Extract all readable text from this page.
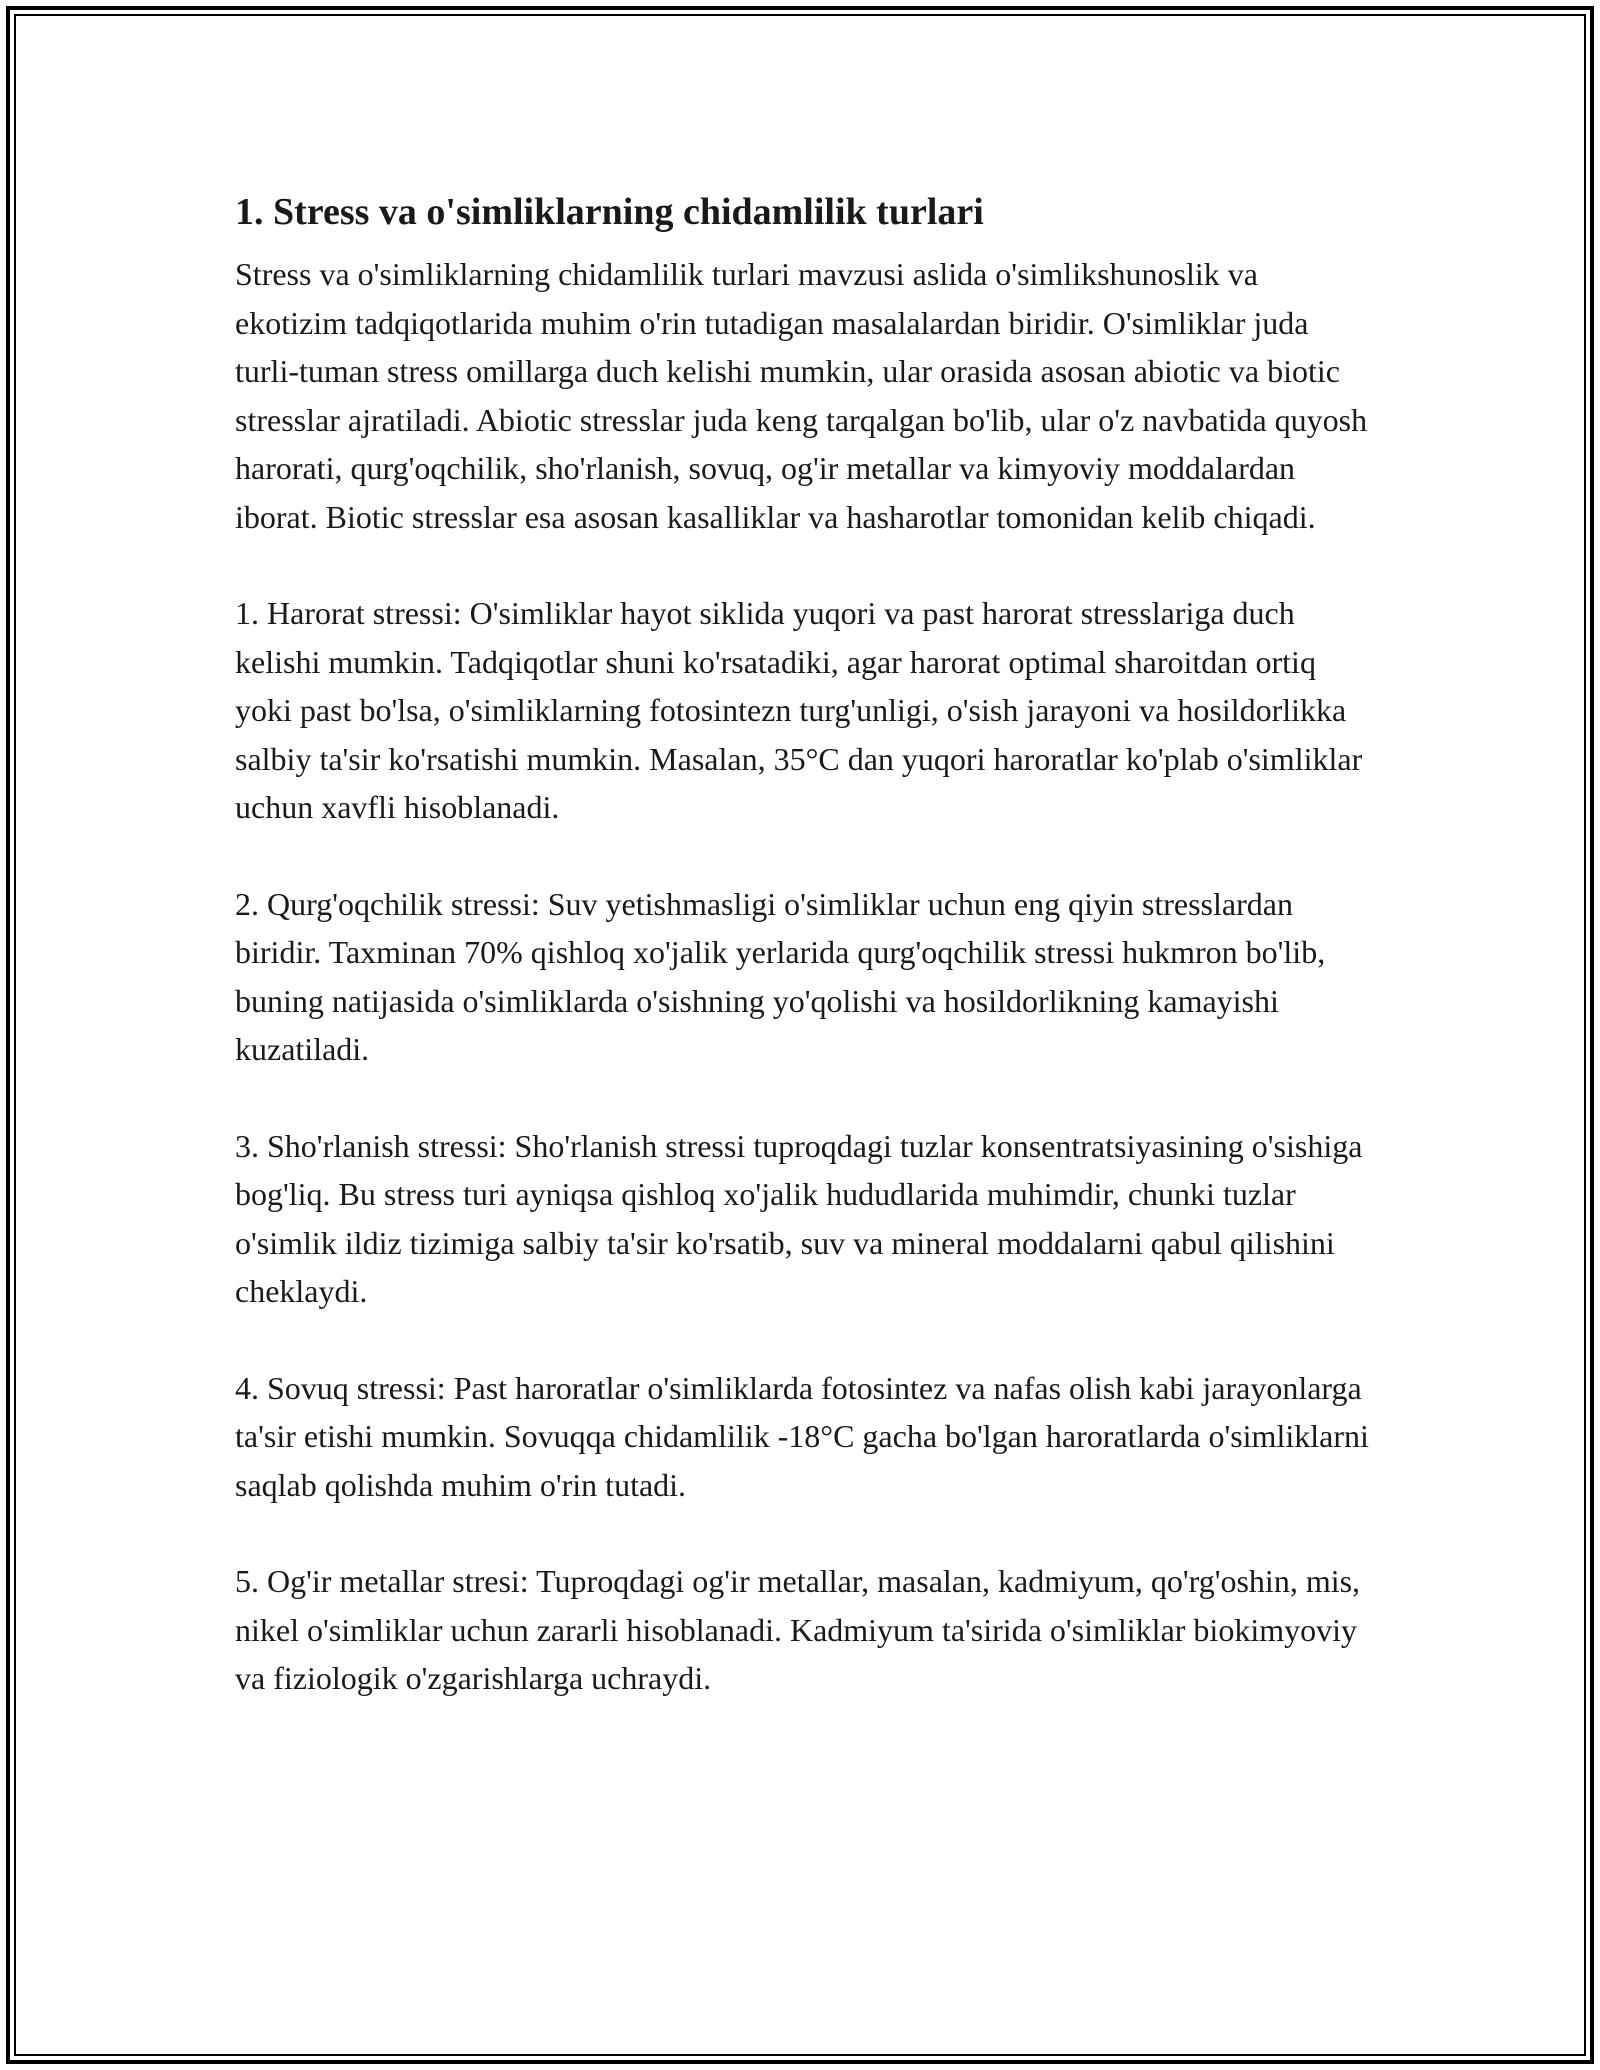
1. Stress va o'simliklarning chidamlilik turlari

Stress va o'simliklarning chidamlilik turlari mavzusi aslida o'simlikshunoslik va ekotizim tadqiqotlarida muhim o'rin tutadigan masalalardan biridir. O'simliklar juda turli-tuman stress omillarga duch kelishi mumkin, ular orasida asosan abiotic va biotic stresslar ajratiladi. Abiotic stresslar juda keng tarqalgan bo'lib, ular o'z navbatida quyosh harorati, qurg'oqchilik, sho'rlanish, sovuq, og'ir metallar va kimyoviy moddalardan iborat. Biotic stresslar esa asosan kasalliklar va hasharotlar tomonidan kelib chiqadi.

1. Harorat stressi: O'simliklar hayot siklida yuqori va past harorat stresslariga duch kelishi mumkin. Tadqiqotlar shuni ko'rsatadiki, agar harorat optimal sharoitdan ortiq yoki past bo'lsa, o'simliklarning fotosintezn turg'unligi, o'sish jarayoni va hosildorlikka salbiy ta'sir ko'rsatishi mumkin. Masalan, 35°C dan yuqori haroratlar ko'plab o'simliklar uchun xavfli hisoblanadi.

2. Qurg'oqchilik stressi: Suv yetishmasligi o'simliklar uchun eng qiyin stresslardan biridir. Taxminan 70% qishloq xo'jalik yerlarida qurg'oqchilik stressi hukmron bo'lib, buning natijasida o'simliklarda o'sishning yo'qolishi va hosildorlikning kamayishi kuzatiladi.

3. Sho'rlanish stressi: Sho'rlanish stressi tuproqdagi tuzlar konsentratsiyasining o'sishiga bog'liq. Bu stress turi ayniqsa qishloq xo'jalik hududlarida muhimdir, chunki tuzlar o'simlik ildiz tizimiga salbiy ta'sir ko'rsatib, suv va mineral moddalarni qabul qilishini cheklaydi.

4. Sovuq stressi: Past haroratlar o'simliklarda fotosintez va nafas olish kabi jarayonlarga ta'sir etishi mumkin. Sovuqqa chidamlilik -18°C gacha bo'lgan haroratlarda o'simliklarni saqlab qolishda muhim o'rin tutadi.

5. Og'ir metallar stresi: Tuproqdagi og'ir metallar, masalan, kadmiyum, qo'rg'oshin, mis, nikel o'simliklar uchun zararli hisoblanadi. Kadmiyum ta'sirida o'simliklar biokimyoviy va fiziologik o'zgarishlarga uchraydi.
